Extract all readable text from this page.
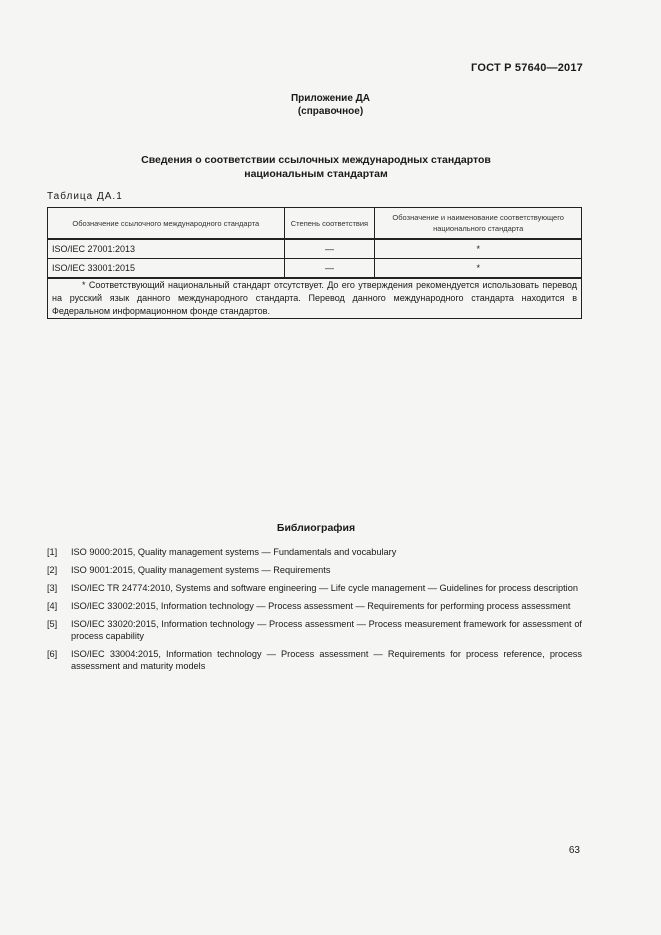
ГОСТ Р 57640—2017
Приложение ДА
(справочное)
Сведения о соответствии ссылочных международных стандартов
национальным стандартам
Таблица ДА.1
Обозначение ссылочного международного стандарта	Степень соответствия	Обозначение и наименование соответствующего национального стандарта
ISO/IEC 27001:2013	—	*
ISO/IEC 33001:2015	—	*

* Соответствующий национальный стандарт отсутствует. До его утверждения рекомендуется использовать перевод на русский язык данного международного стандарта. Перевод данного международного стандарта находится в Федеральном информационном фонде стандартов.		
Библиография
[1]	ISO 9000:2015, Quality management systems — Fundamentals and vocabulary
[2]	ISO 9001:2015, Quality management systems — Requirements
[3]	ISO/IEC TR 24774:2010, Systems and software engineering — Life cycle management — Guidelines for process description
[4]	ISO/IEC 33002:2015, Information technology — Process assessment — Requirements for performing process assessment
[5]	ISO/IEC 33020:2015, Information technology — Process assessment — Process measurement framework for assessment of process capability
[6]	ISO/IEC 33004:2015, Information technology — Process assessment — Requirements for process reference, process assessment and maturity models
63
